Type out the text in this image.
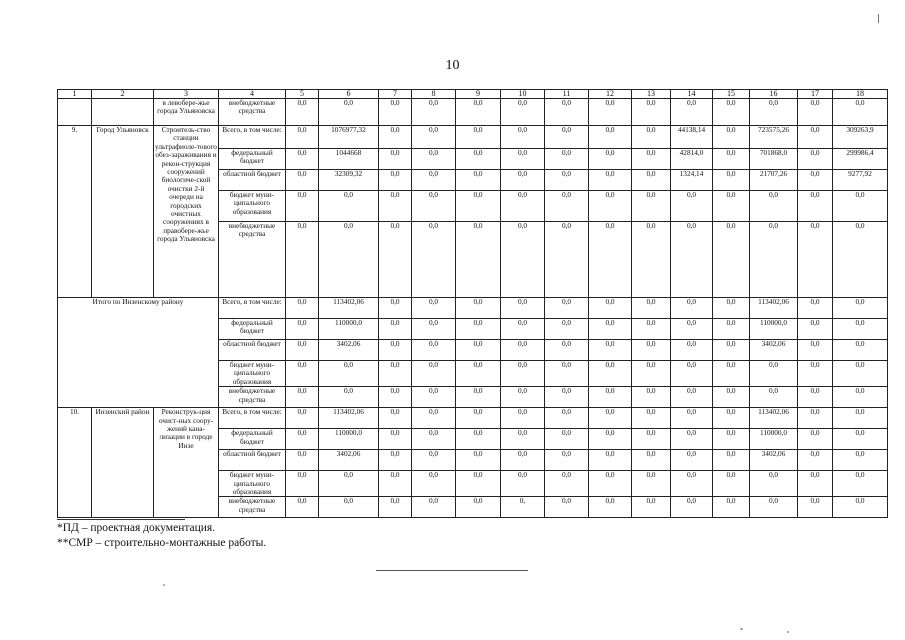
10
1	2	3	4	5	6	7	8	9	10	11	12	13	14	15	16	17	18
		в левобере-жье города Ульяновска	внебюджетные средства	0,0	0,0	0,0	0,0	0,0	0,0	0,0	0,0	0,0	0,0	0,0	0,0	0,0	0,0
9.	Город Ульяновск	Строитель-ство станции ультрафиоле-тового обез-зараживания и рекон-струкция сооружений биологиче-ской очистки 2-й очереди на городских очистных сооружениях в правобере-жье города Ульяновска	Всего, в том числе:	0,0	1076977,32	0,0	0,0	0,0	0,0	0,0	0,0	0,0	44138,14	0,0	723575,26	0,0	309263,9
			федеральный бюджет	0,0	1044668	0,0	0,0	0,0	0,0	0,0	0,0	0,0	42814,0	0,0	701868,0	0,0	299986,4
			областной бюджет	0,0	32309,32	0,0	0,0	0,0	0,0	0,0	0,0	0,0	1324,14	0,0	21707,26	0,0	9277,92
			бюджет муни-ципального образования	0,0	0,0	0,0	0,0	0,0	0,0	0,0	0,0	0,0	0,0	0,0	0,0	0,0	0,0
			внебюджетные средства	0,0	0,0	0,0	0,0	0,0	0,0	0,0	0,0	0,0	0,0	0,0	0,0	0,0	0,0
Итого по Инзенскому району			Всего, в том числе:	0,0	113402,06	0,0	0,0	0,0	0,0	0,0	0,0	0,0	0,0	0,0	113402,06	0,0	0,0
			федеральный бюджет	0,0	110000,0	0,0	0,0	0,0	0,0	0,0	0,0	0,0	0,0	0,0	110000,0	0,0	0,0
			областной бюджет	0,0	3402,06	0,0	0,0	0,0	0,0	0,0	0,0	0,0	0,0	0,0	3402,06	0,0	0,0
			бюджет муни-ципального образования	0,0	0,0	0,0	0,0	0,0	0,0	0,0	0,0	0,0	0,0	0,0	0,0	0,0	0,0
			внебюджетные средства	0,0	0,0	0,0	0,0	0,0	0,0	0,0	0,0	0,0	0,0	0,0	0,0	0,0	0,0
10.	Инзенский район	Реконструк-ция очист-ных соору-жений кана-лизации в городе Инзе	Всего, в том числе:	0,0	113402,06	0,0	0,0	0,0	0,0	0,0	0,0	0,0	0,0	0,0	113402,06	0,0	0,0
			федеральный бюджет	0,0	110000,0	0,0	0,0	0,0	0,0	0,0	0,0	0,0	0,0	0,0	110000,0	0,0	0,0
			областной бюджет	0,0	3402,06	0,0	0,0	0,0	0,0	0,0	0,0	0,0	0,0	0,0	3402,06	0,0	0,0
			бюджет муни-ципального образования	0,0	0,0	0,0	0,0	0,0	0,0	0,0	0,0	0,0	0,0	0,0	0,0	0,0	0,0
			внебюджетные средства	0,0	0,0	0,0	0,0	0,0	0,	0,0	0,0	0,0	0,0	0,0	0,0	0,0	0,0
*ПД – проектная документация.
**СМР – строительно-монтажные работы.
